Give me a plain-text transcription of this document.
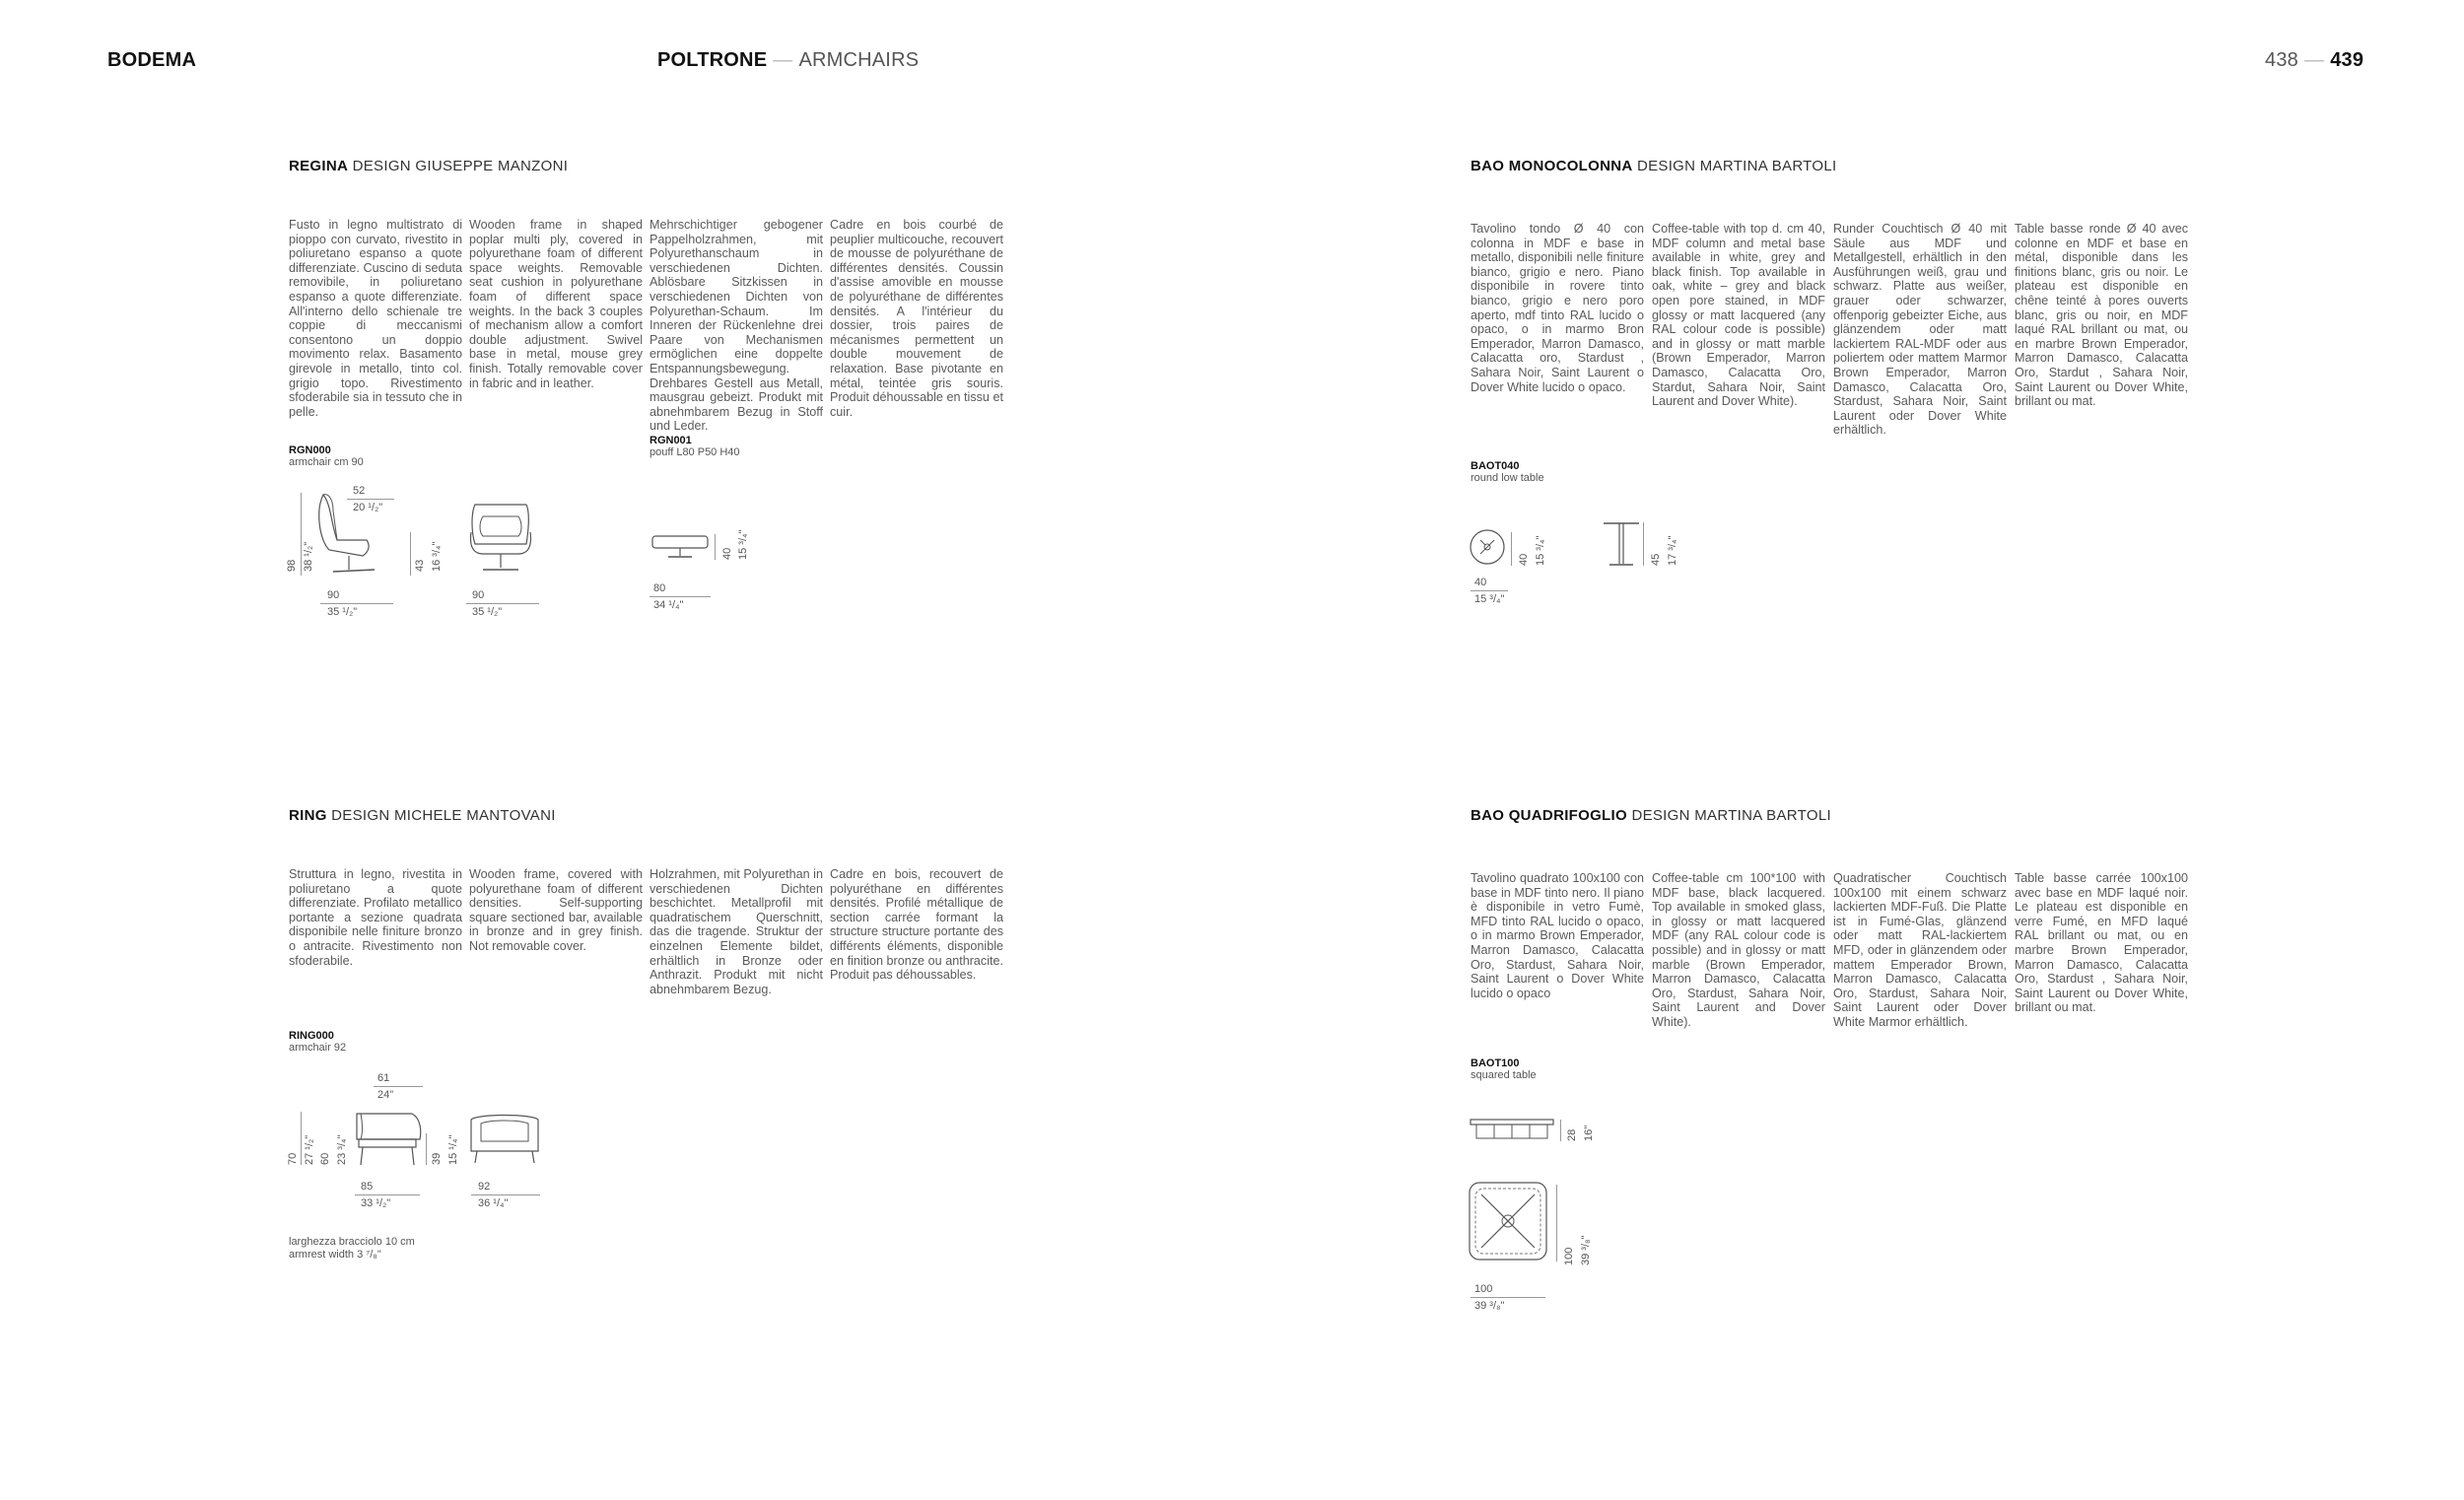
BODEMA	POLTRONE — ARMCHAIRS	438 — 439
REGINA DESIGN GIUSEPPE MANZONI
Fusto in legno multistrato di pioppo con curvato, rivestito in poliuretano espanso a quote differenziate. Cuscino di seduta removibile, in poliuretano espanso a quote differenziate. All'interno dello schienale tre coppie di meccanismi consentono un doppio movimento relax. Basamento girevole in metallo, tinto col. grigio topo. Rivestimento sfoderabile sia in tessuto che in pelle.
Wooden frame in shaped poplar multi ply, covered in polyurethane foam of different space weights. Removable seat cushion in polyurethane foam of different space weights. In the back 3 couples of mechanism allow a comfort double adjustment. Swivel base in metal, mouse grey finish. Totally removable cover in fabric and in leather.
Mehrschichtiger gebogener Pappelholzrahmen, mit Polyurethanschaum in verschiedenen Dichten. Ablösbare Sitzkissen in verschiedenen Dichten von Polyurethan-Schaum. Im Inneren der Rückenlehne drei Paare von Mechanismen ermöglichen eine doppelte Entspannungsbewegung. Drehbares Gestell aus Metall, mausgrau gebeizt. Produkt mit abnehmbarem Bezug in Stoff und Leder.
Cadre en bois courbé de peuplier multicouche, recouvert de mousse de polyuréthane de différentes densités. Coussin d'assise amovible en mousse de polyuréthane de différentes densités. A l'intérieur du dossier, trois paires de mécanismes permettent un double mouvement de relaxation. Base pivotante en métal, teintée gris souris. Produit déhoussable en tissu et cuir.
RGN000
armchair cm 90
52
20 ¹/₂"
98 38 ¹/₂"	43 16 ³/₄"
90
35 ¹/₂"
90
35 ¹/₂"
RGN001
pouff L80 P50 H40
40 15 ³/₄"
80
34 ¹/₄"
BAO MONOCOLONNA DESIGN MARTINA BARTOLI
Tavolino tondo Ø 40 con colonna in MDF e base in metallo, disponibili nelle finiture bianco, grigio e nero. Piano disponibile in rovere tinto bianco, grigio e nero poro aperto, mdf tinto RAL lucido o opaco, o in marmo Bron Emperador, Marron Damasco, Calacatta oro, Stardust , Sahara Noir, Saint Laurent o Dover White lucido o opaco.
Coffee-table with top d. cm 40, MDF column and metal base available in white, grey and black finish. Top available in oak, white – grey and black open pore stained, in MDF glossy or matt lacquered (any RAL colour code is possible) and in glossy or matt marble (Brown Emperador, Marron Damasco, Calacatta Oro, Stardut, Sahara Noir, Saint Laurent and Dover White).
Runder Couchtisch Ø 40 mit Säule aus MDF und Metallgestell, erhältlich in den Ausführungen weiß, grau und schwarz. Platte aus weißer, grauer oder schwarzer, offenporig gebeizter Eiche, aus glänzendem oder matt lackiertem RAL-MDF oder aus poliertem oder mattem Marmor Brown Emperador, Marron Damasco, Calacatta Oro, Stardust, Sahara Noir, Saint Laurent oder Dover White erhältlich.
Table basse ronde Ø 40 avec colonne en MDF et base en métal, disponible dans les finitions blanc, gris ou noir. Le plateau est disponible en chêne teinté à pores ouverts blanc, gris ou noir, en MDF laqué RAL brillant ou mat, ou en marbre Brown Emperador, Marron Damasco, Calacatta Oro, Stardut , Sahara Noir, Saint Laurent ou Dover White, brillant ou mat.
BAOT040
round low table
40 15 ³/₄"	45 17 ³/₄"
40
15 ³/₄"
RING DESIGN MICHELE MANTOVANI
Struttura in legno, rivestita in poliuretano a quote differenziate. Profilato metallico portante a sezione quadrata disponibile nelle finiture bronzo o antracite. Rivestimento non sfoderabile.
Wooden frame, covered with polyurethane foam of different densities. Self-supporting square sectioned bar, available in bronze and in grey finish. Not removable cover.
Holzrahmen, mit Polyurethan in verschiedenen Dichten beschichtet. Metallprofil mit quadratischem Querschnitt, das die tragende. Struktur der einzelnen Elemente bildet, erhältlich in Bronze oder Anthrazit. Produkt mit nicht abnehmbarem Bezug.
Cadre en bois, recouvert de polyuréthane en différentes densités. Profilé métallique de section carrée formant la structure structure portante des différents éléments, disponible en finition bronze ou anthracite. Produit pas déhoussables.
RING000
armchair 92
61
24"
70 27 ¹/₂" 60 23 ³/₄"	39 15 ¹/₄"
85
33 ¹/₂"
92
36 ¹/₄"
larghezza bracciolo 10 cm
armrest width 3 ⁷/₈"
BAO QUADRIFOGLIO DESIGN MARTINA BARTOLI
Tavolino quadrato 100x100 con base in MDF tinto nero. Il piano è disponibile in vetro Fumè, MFD tinto RAL lucido o opaco, o in marmo Brown Emperador, Marron Damasco, Calacatta Oro, Stardust, Sahara Noir, Saint Laurent o Dover White lucido o opaco
Coffee-table cm 100*100 with MDF base, black lacquered. Top available in smoked glass, in glossy or matt lacquered MDF (any RAL colour code is possible) and in glossy or matt marble (Brown Emperador, Marron Damasco, Calacatta Oro, Stardust, Sahara Noir, Saint Laurent and Dover White).
Quadratischer Couchtisch 100x100 mit einem schwarz lackierten MDF-Fuß. Die Platte ist in Fumé-Glas, glänzend oder matt RAL-lackiertem MFD, oder in glänzendem oder mattem Emperador Brown, Marron Damasco, Calacatta Oro, Stardust, Sahara Noir, Saint Laurent oder Dover White Marmor erhältlich.
Table basse carrée 100x100 avec base en MDF laqué noir. Le plateau est disponible en verre Fumé, en MFD laqué RAL brillant ou mat, ou en marbre Brown Emperador, Marron Damasco, Calacatta Oro, Stardust , Sahara Noir, Saint Laurent ou Dover White, brillant ou mat.
BAOT100
squared table
28 16"
100 39 ³/₈"
100
39 ³/₈"
